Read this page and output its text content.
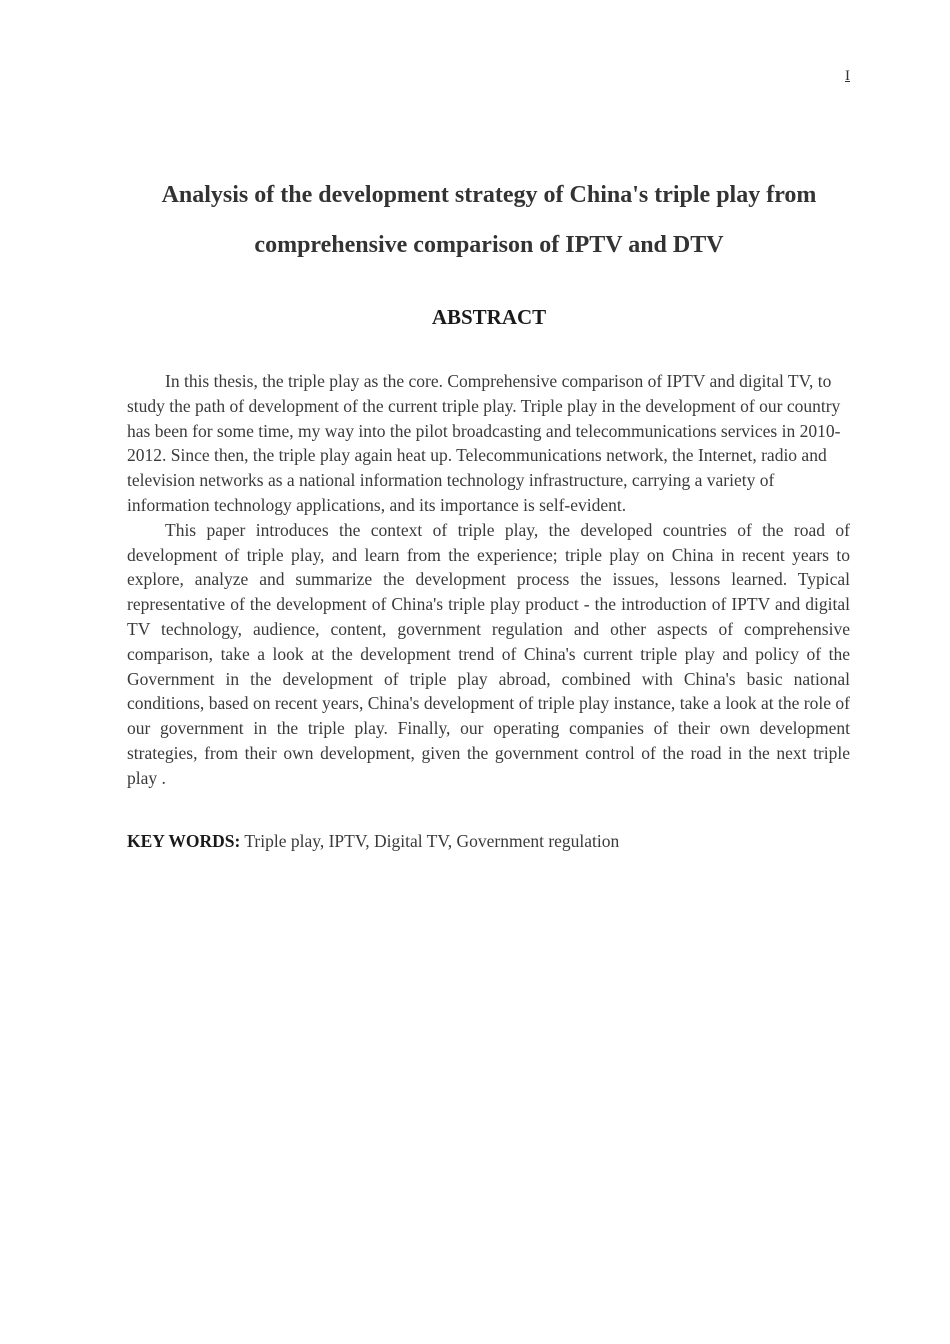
I
Analysis of the development strategy of China's triple play from comprehensive comparison of IPTV and DTV
ABSTRACT

In this thesis, the triple play as the core. Comprehensive comparison of IPTV and digital TV, to study the path of development of the current triple play. Triple play in the development of our country has been for some time, my way into the pilot broadcasting and telecommunications services in 2010-2012. Since then, the triple play again heat up. Telecommunications network, the Internet, radio and television networks as a national information technology infrastructure, carrying a variety of information technology applications, and its importance is self-evident.

This paper introduces the context of triple play, the developed countries of the road of development of triple play, and learn from the experience; triple play on China in recent years to explore, analyze and summarize the development process the issues, lessons learned. Typical representative of the development of China's triple play product - the introduction of IPTV and digital TV technology, audience, content, government regulation and other aspects of comprehensive comparison, take a look at the development trend of China's current triple play and policy of the Government in the development of triple play abroad, combined with China's basic national conditions, based on recent years, China's development of triple play instance, take a look at the role of our government in the triple play. Finally, our operating companies of their own development strategies, from their own development, given the government control of the road in the next triple play .

KEY WORDS: Triple play, IPTV, Digital TV, Government regulation
